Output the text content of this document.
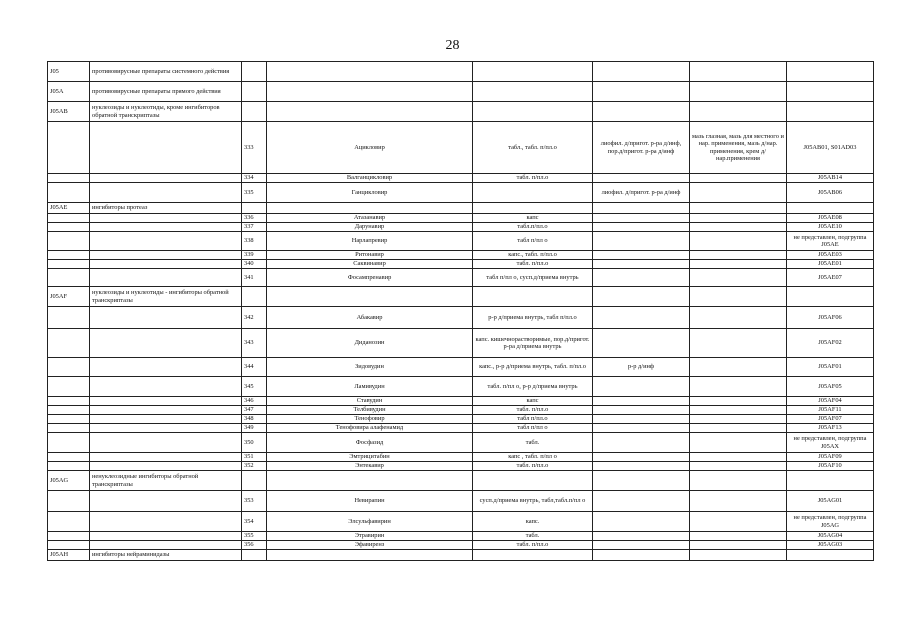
28
J05	противовирусные препараты системного действия						
J05A	противовирусные препараты прямого действия						
J05AB	нуклеозиды и нуклеотиды, кроме ингибиторов обратной транскриптазы						
		333	Ацикловир	табл., табл. п/пл.о	лиофил. д/пригот. р-ра д/инф, пор.д/пригот. р-ра д/инф	мазь глазная, мазь для местного и нар. применения, мазь д/нар. применения, крем д/нар.применения	J05AB01, S01AD03
		334	Валганцикловир	табл. п/пл.о			J05AB14
		335	Ганцикловир		лиофил. д/пригот. р-ра д/инф		J05AB06
J05AE	ингибиторы протеаз						
		336	Атазанавир	капс			J05AE08
		337	Дарунавир	табл.п/пл.о			J05AE10
		338	Нарлапревир	табл п/пл о			не представлен, подгруппа J05AE
		339	Ритонавир	капс., табл. п/пл.о			J05AE03
		340	Саквинавир	табл. п/пл.о			J05AE01
		341	Фосампренавир	табл п/пл о, сусп.д/приема внутрь			J05AE07
J05AF	нуклеозиды и нуклеотиды - ингибиторы обратной транскриптазы						
		342	Абакавир	р-р д/приема внутрь, табл п/пл.о			J05AF06
		343	Диданозин	капс. кишечнорастворимые, пор.д/пригот. р-ра д/приема внутрь			J05AF02
		344	Зидовудин	капс., р-р д/приема внутрь, табл. п/пл.о	р-р д/инф		J05AF01
		345	Ламивудин	табл. п/пл о, р-р д/приема внутрь			J05AF05
		346	Ставудин	капс			J05AF04
		347	Телбивудин	табл. п/пл.о			J05AF11
		348	Тенофовир	табл п/пл.о			J05AF07
		349	Тенофовира алафенамид	табл п/пл о			J05AF13
		350	Фосфазид	табл.			не представлен, подгруппа J05AX
		351	Эмтрицитабин	капс , табл. п/пл о			J05AF09
		352	Энтекавир	табл. п/пл.о			J05AF10
J05AG	ненуклеозидные ингибиторы обратной транскриптазы						
		353	Невирапин	сусп.д/приема внутрь, табл,табл.п/пл о			J05AG01
		354	Элсульфавирин	капс.			не представлен, подгруппа J05AG
		355	Этравирин	табл.			J05AG04
		356	Эфавиренз	табл. п/пл.о			J05AG03
J05AH	ингибиторы нейраминидазы						
